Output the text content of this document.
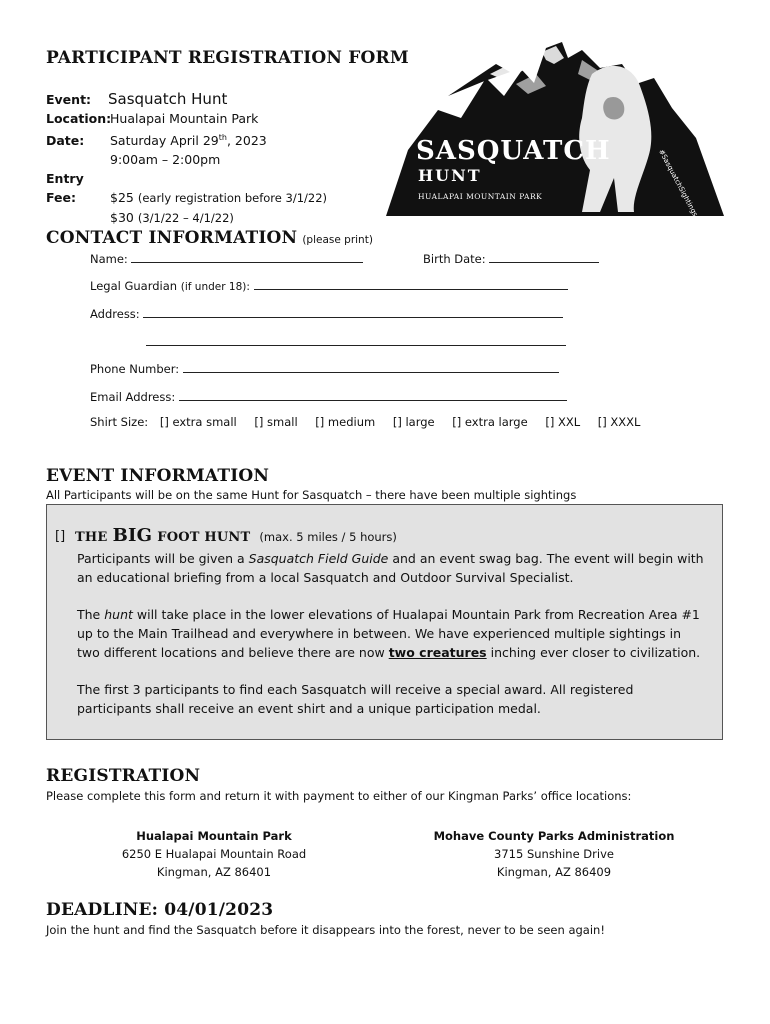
PARTICIPANT REGISTRATION FORM
Event: Sasquatch Hunt
Location:Hualapai Mountain Park
Date: Saturday April 29th, 2023
9:00am – 2:00pm
Entry Fee:	$25 (early registration before 3/1/22)
$30 (3/1/22 – 4/1/22)
SASQUATCH
HUNT
HUALAPAI MOUNTAIN PARK	#SasquatchSightings
CONTACT INFORMATION (please print)
Name:	Birth Date:
Legal Guardian (if under 18):
Address:
Phone Number:
Email Address:
Shirt Size: [] extra small [] small [] medium [] large [] extra large [] XXL [] XXXL
EVENT INFORMATION
All Participants will be on the same Hunt for Sasquatch – there have been multiple sightings
[] THE BIG FOOT HUNT (max. 5 miles / 5 hours)

Participants will be given a Sasquatch Field Guide and an event swag bag. The event will begin with an educational briefing from a local Sasquatch and Outdoor Survival Specialist.

The hunt will take place in the lower elevations of Hualapai Mountain Park from Recreation Area #1 up to the Main Trailhead and everywhere in between. We have experienced multiple sightings in two different locations and believe there are now two creatures inching ever closer to civilization.

The first 3 participants to find each Sasquatch will receive a special award. All registered participants shall receive an event shirt and a unique participation medal.

REGISTRATION
Please complete this form and return it with payment to either of our Kingman Parks’ office locations:
Hualapai Mountain Park
6250 E Hualapai Mountain Road
Kingman, AZ 86401
Mohave County Parks Administration
3715 Sunshine Drive
Kingman, AZ 86409
DEADLINE: 04/01/2023
Join the hunt and find the Sasquatch before it disappears into the forest, never to be seen again!
